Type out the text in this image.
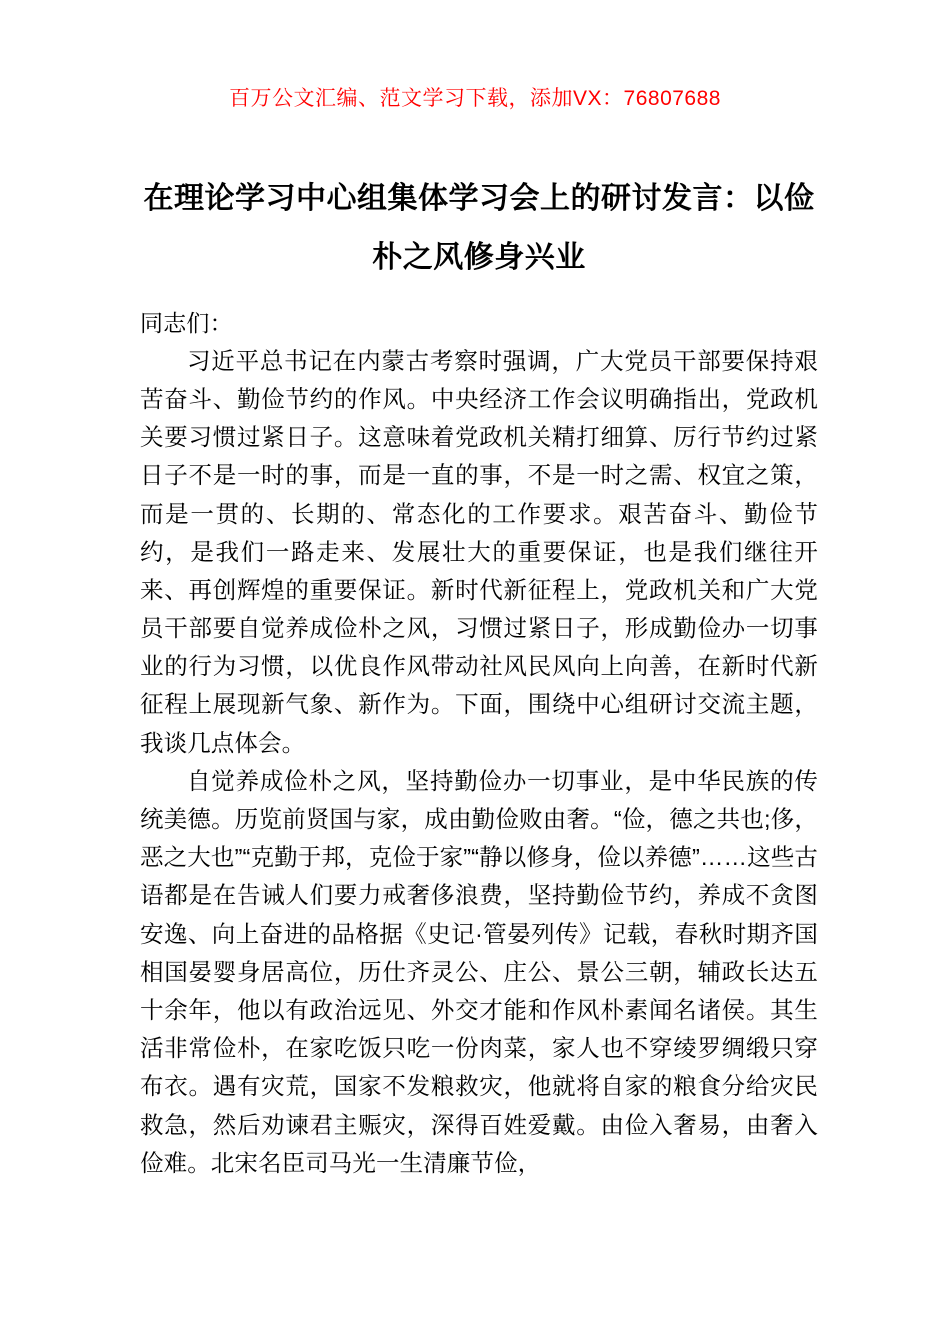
百万公文汇编、范文学习下载，添加VX：76807688
在理论学习中心组集体学习会上的研讨发言：以俭朴之风修身兴业

同志们：

习近平总书记在内蒙古考察时强调，广大党员干部要保持艰苦奋斗、勤俭节约的作风。中央经济工作会议明确指出，党政机关要习惯过紧日子。这意味着党政机关精打细算、厉行节约过紧日子不是一时的事，而是一直的事，不是一时之需、权宜之策，而是一贯的、长期的、常态化的工作要求。艰苦奋斗、勤俭节约，是我们一路走来、发展壮大的重要保证，也是我们继往开来、再创辉煌的重要保证。新时代新征程上，党政机关和广大党员干部要自觉养成俭朴之风，习惯过紧日子，形成勤俭办一切事业的行为习惯，以优良作风带动社风民风向上向善，在新时代新征程上展现新气象、新作为。下面，围绕中心组研讨交流主题，我谈几点体会。

自觉养成俭朴之风，坚持勤俭办一切事业，是中华民族的传统美德。历览前贤国与家，成由勤俭败由奢。“俭，德之共也;侈，恶之大也”“克勤于邦，克俭于家”“静以修身，俭以养德”……这些古语都是在告诫人们要力戒奢侈浪费，坚持勤俭节约，养成不贪图安逸、向上奋进的品格据《史记·管晏列传》记载，春秋时期齐国相国晏婴身居高位，历仕齐灵公、庄公、景公三朝，辅政长达五十余年，他以有政治远见、外交才能和作风朴素闻名诸侯。其生活非常俭朴，在家吃饭只吃一份肉菜，家人也不穿绫罗绸缎只穿布衣。遇有灾荒，国家不发粮救灾，他就将自家的粮食分给灾民救急，然后劝谏君主赈灾，深得百姓爱戴。由俭入奢易，由奢入俭难。北宋名臣司马光一生清廉节俭，
